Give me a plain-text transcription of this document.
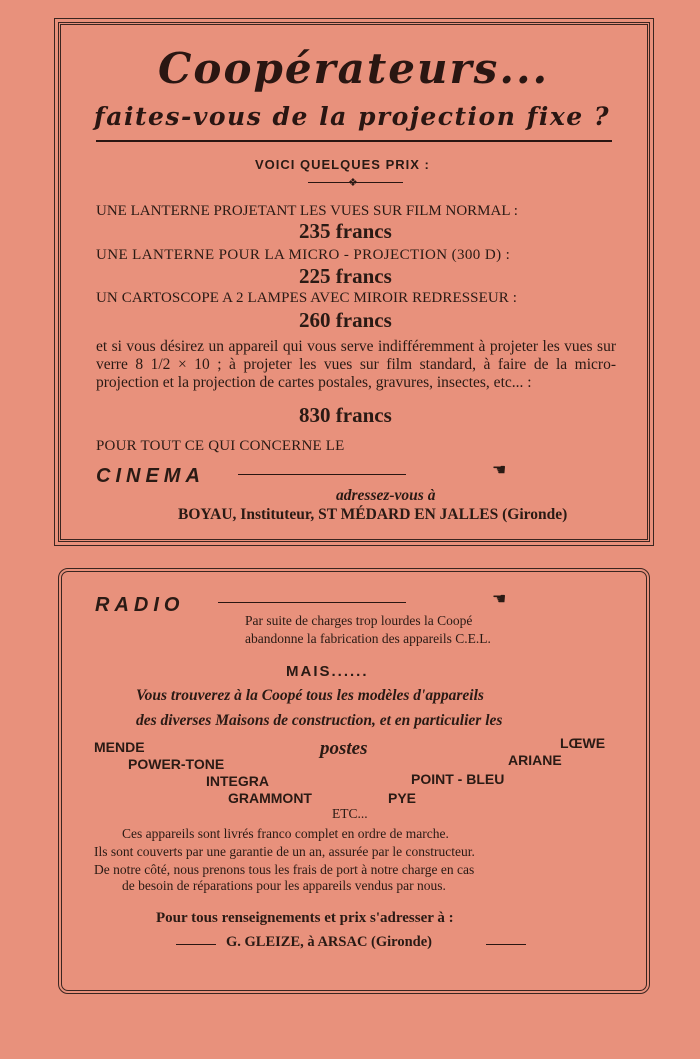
Coopérateurs...
faites-vous de la projection fixe ?
VOICI QUELQUES PRIX :
❖
UNE LANTERNE PROJETANT LES VUES SUR FILM NORMAL :
235 francs
UNE LANTERNE POUR LA MICRO - PROJECTION (300 D) :
225 francs
UN CARTOSCOPE A 2 LAMPES AVEC MIROIR REDRESSEUR :
260 francs
et si vous désirez un appareil qui vous serve indifféremment à projeter les vues sur verre 8 1/2 × 10 ; à projeter les vues sur film standard, à faire de la micro-projection et la projection de cartes postales, gravures, insectes, etc... :
830 francs
POUR TOUT CE QUI CONCERNE LE
CINEMA	☚
adressez-vous à
BOYAU, Instituteur, ST MÉDARD EN JALLES (Gironde)
RADIO	☚
Par suite de charges trop lourdes la Coopé
abandonne la fabrication des appareils C.E.L.
MAIS......
Vous trouverez à la Coopé tous les modèles d'appareils
des diverses Maisons de construction, et en particulier les
MENDE	postes	LŒWE
POWER-TONE	ARIANE
INTEGRA	POINT - BLEU
GRAMMONT	PYE
ETC...
Ces appareils sont livrés franco complet en ordre de marche.
Ils sont couverts par une garantie de un an, assurée par le constructeur.
De notre côté, nous prenons tous les frais de port à notre charge en cas
de besoin de réparations pour les appareils vendus par nous.
Pour tous renseignements et prix s'adresser à :
G. GLEIZE, à ARSAC (Gironde)
